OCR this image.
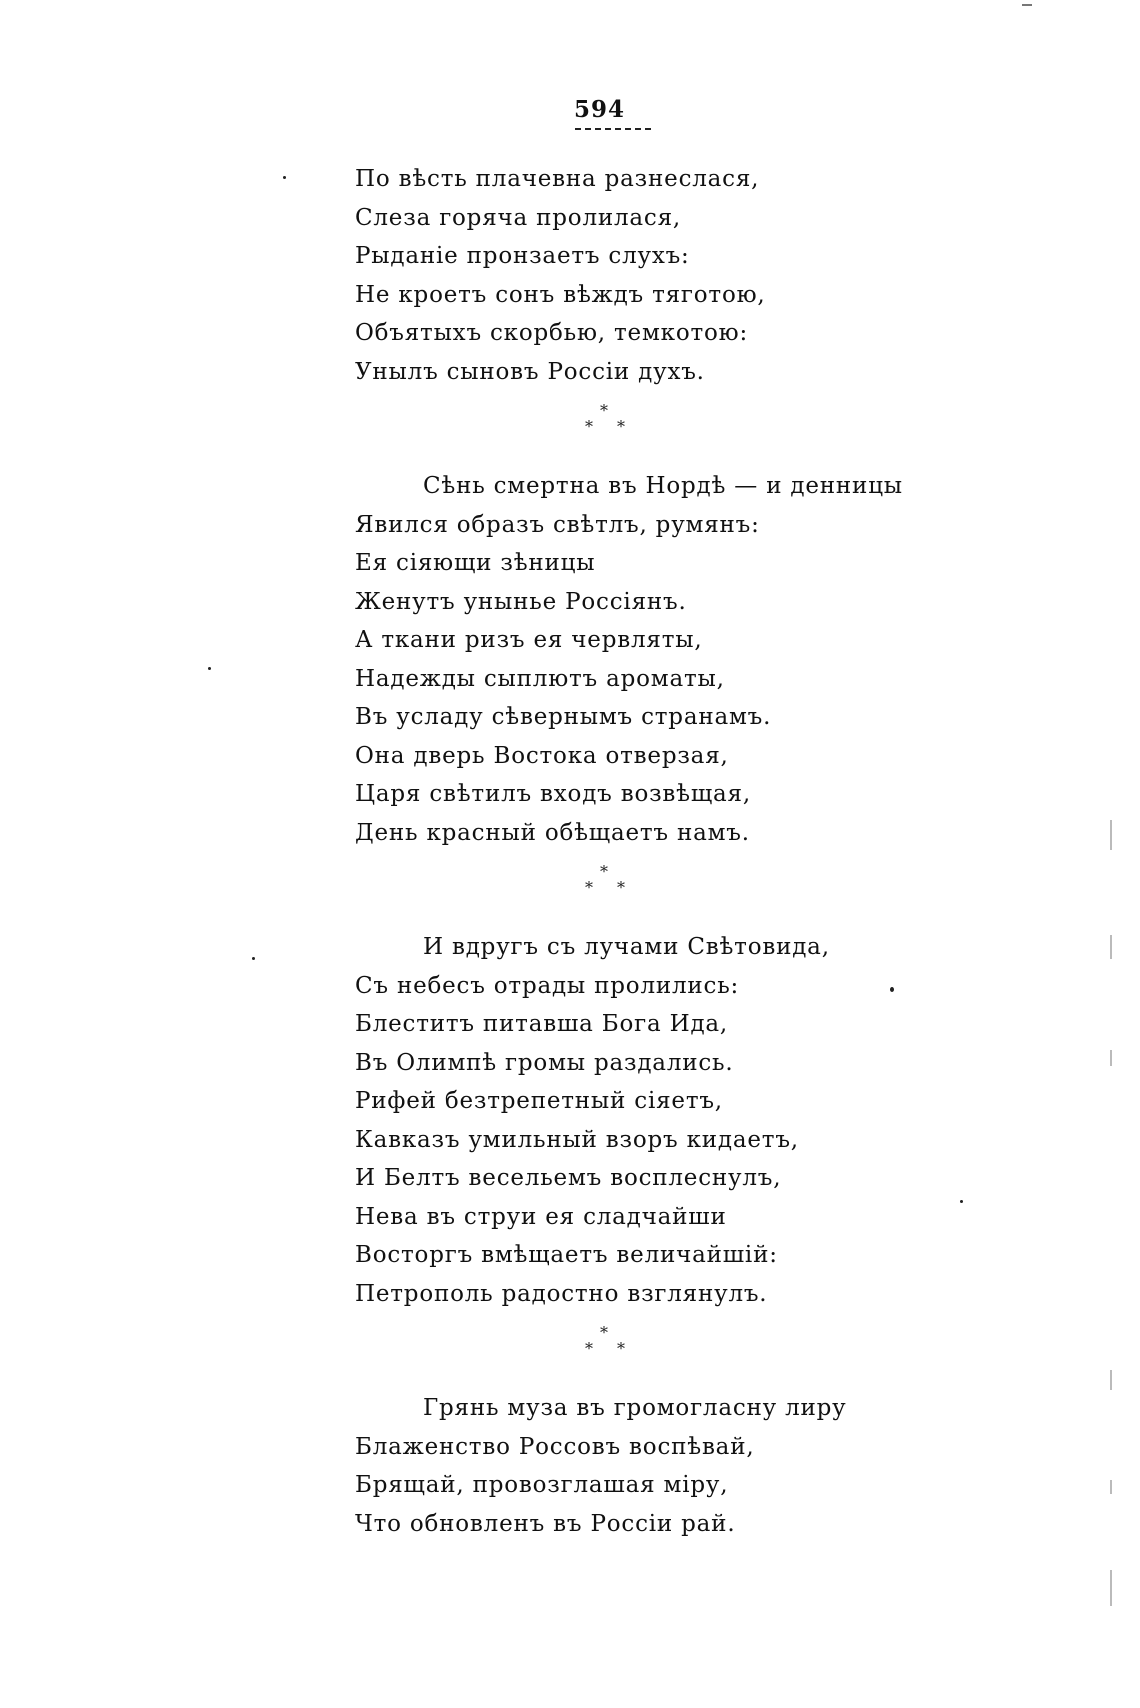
594
По вѣсть плачевна разнеслася,
Слеза горяча пролилася,
Рыданіе пронзаетъ слухъ:
Не кроетъ сонъ вѣждъ тяготою,
Объятыхъ скорбью, темкотою:
Унылъ сыновъ Россіи духъ.
*
* *
Сѣнь смертна въ Нордѣ — и денницы
Явился образъ свѣтлъ, румянъ:
Ея сіяющи зѣницы
Женутъ унынье Россіянъ.
А ткани ризъ ея червляты,
Надежды сыплютъ ароматы,
Въ усладу сѣвернымъ странамъ.
Она дверь Востока отверзая,
Царя свѣтилъ входъ возвѣщая,
День красный обѣщаетъ намъ.
*
* *
И вдругъ съ лучами Свѣтовида,
Съ небесъ отрады пролились:
Блеститъ питавша Бога Ида,
Въ Олимпѣ громы раздались.
Рифей безтрепетный сіяетъ,
Кавказъ умильный взоръ кидаетъ,
И Белтъ весельемъ восплеснулъ,
Нева въ струи ея сладчайши
Восторгъ вмѣщаетъ величайшій:
Петрополь радостно взглянулъ.
*
* *
Грянь муза въ громогласну лиру
Блаженство Россовъ воспѣвай,
Брящай, провозглашая міру,
Что обновленъ въ Россіи рай.
